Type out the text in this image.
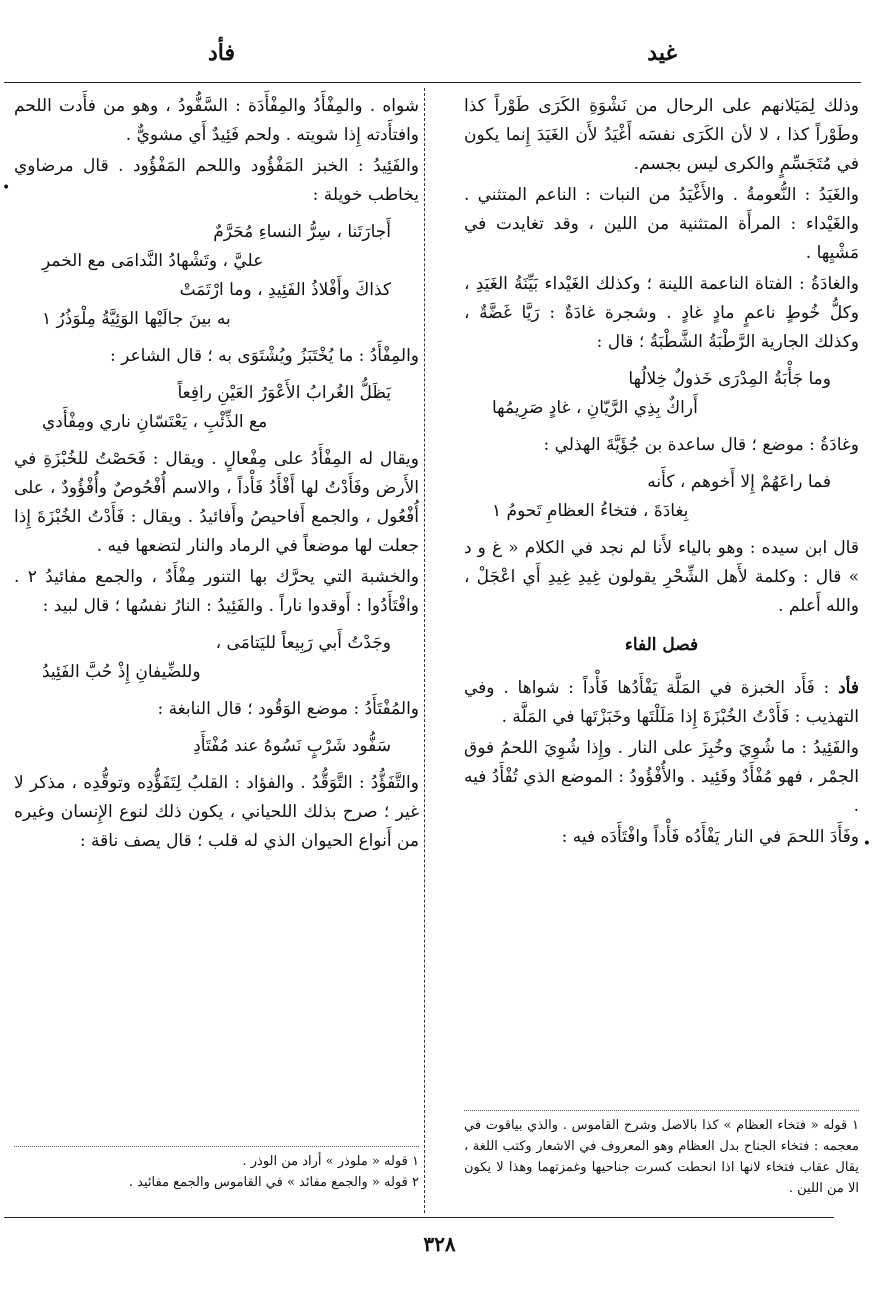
غيد
فأد

وذلك لِمَيَلانهم على الرحال من نَشْوَةِ الكَرَى طَوْراً كذا وطَوْراً كذا ، لا لأن الكَرَى نفسَه أَغْيَدُ لأَن الغَيَدَ إِنما يكون في مُتَجَسِّمٍ والكرى ليس بجسم.

والغَيَدُ : النُّعومةُ . والأَغْيَدُ من النبات : الناعم المتثني . والغَيْداء : المرأَة المتثنية من اللين ، وقد تغايدت في مَشْيِها .

والغادَةُ : الفتاة الناعمة اللينة ؛ وكذلك الغَيْداء بَيِّنَةُ الغَيَدِ ، وكلُّ خُوطٍ ناعمٍ مادٍ غادٍ . وشجرة غادَةٌ : رَيَّا غَضَّةٌ ، وكذلك الجارية الرَّطْبَةُ الشَّطْبَةُ ؛ قال :

وما جَأْبَةُ المِدْرَى خَذولٌ خِلالُها
أَراكٌ بِذِي الرَّيّانِ ، غادٍ صَرِيمُها

وغادَةُ : موضع ؛ قال ساعدة بن جُؤَيَّةَ الهذلي :

فما راعَهُمْ إِلا أَخوهم ، كأَنه
بِغادَةَ ، فتخاءُ العظامِ تَحومُ ١

قال ابن سيده : وهو بالياء لأَنا لم نجد في الكلام « غ و د » قال : وكلمة لأَهل الشِّحْرِ يقولون غِيدِ غِيدِ أَي اعْجَلْ ، والله أَعلم .

فصل الفاء

فأد : فَأَد الخبزة في المَلَّة يَفْأَدُها فَأْداً : شواها . وفي التهذيب : فَأَدْتُ الخُبْزَةَ إِذا مَلَلْتَها وخَبَزْتَها في المَلَّة .

والفَئِيدُ : ما شُوِيَ وخُبِزَ على النار . وإِذا شُوِيَ اللحمُ فوق الجمْر ، فهو مُفْأَدٌ وفَئِيد . والأُفْؤُودُ : الموضع الذي تُفْأَدُ فيه .

وفَأَدَ اللحمَ في النار يَفْأَدُه فَأْداً وافْتَأَدَه فيه :

١ قوله « فتخاء العظام » كذا بالاصل وشرح القاموس . والذي بياقوت في معجمه : فتخاء الجناح بدل العظام وهو المعروف في الاشعار وكتب اللغة ، يقال عقاب فتخاء لانها اذا انحطت كسرت جناحيها وغمزتهما وهذا لا يكون الا من اللين .

شواه . والمِفْأَدُ والمِفْأَدَة : السَّفُّودُ ، وهو من فأَدت اللحم وافتأَدته إِذا شويته . ولحم فَئِيدٌ أَي مشويٌّ .

والفَئِيدُ : الخبز المَفْؤُود واللحم المَفْؤُود . قال مرضاوي يخاطب خويلة :

أَجارَتَنا ، سِرُّ النساءِ مُحَرَّمٌ
عليَّ ، وتَشْهادُ النَّدامَى مع الخمرِ
كذاكَ وأَفْلاذُ الفَئِيدِ ، وما ارْتَمَتْ
به بينَ جالَيْها الوَئِيَّةُ مِلْوَذُرُ ١

والمِفْأَدُ : ما يُخْتَبَزُ ويُشْتَوَى به ؛ قال الشاعر :

يَظَلُّ الغُرابُ الأَعْوَرُ العَيْنِ رافِعاً
مع الذِّئْبِ ، يَعْتَسّانِ ناري ومِفْأَدي

ويقال له المِفْأَدُ على مِفْعالٍ . ويقال : فَحَصْتُ للخُبْزَةِ في الأَرض وفَأَدْتُ لها أَفْأَدُ فَأْداً ، والاسم أُفْحُوصٌ وأُفْؤُودٌ ، على أُفْعُول ، والجمع أَفاحيصُ وأَفائيدُ . ويقال : فَأَدْتُ الخُبْزَةَ إِذا جعلت لها موضعاً في الرماد والنار لتضعها فيه .

والخشبة التي يحرَّك بها التنور مِفْأَدٌ ، والجمع مفائيدُ ٢ . وافْتَأَدُوا : أَوقدوا ناراً . والفَئِيدُ : النارُ نفسُها ؛ قال لبيد :

وجَدْتُ أَبي رَبِيعاً لليَتامَى ،
وللضِّيفانِ إِذْ حُبَّ الفَئِيدُ

والمُفْتَأَدُ : موضع الوَقُود ؛ قال النابغة :

سَفُّود شَرْبٍ نَسُوهُ عند مُفْتَأَدِ

والتَّفَؤُّدُ : التَّوَقُّدُ . والفؤاد : القلبُ لِتَفَؤُّدِه وتوقُّدِه ، مذكر لا غير ؛ صرح بذلك اللحياني ، يكون ذلك لنوع الإِنسان وغيره من أَنواع الحيوان الذي له قلب ؛ قال يصف ناقة :

١ قوله « ملوذر » أراد من الوذر .
٢ قوله « والجمع مفائد » في القاموس والجمع مفائيد .
•
•
٣٢٨
